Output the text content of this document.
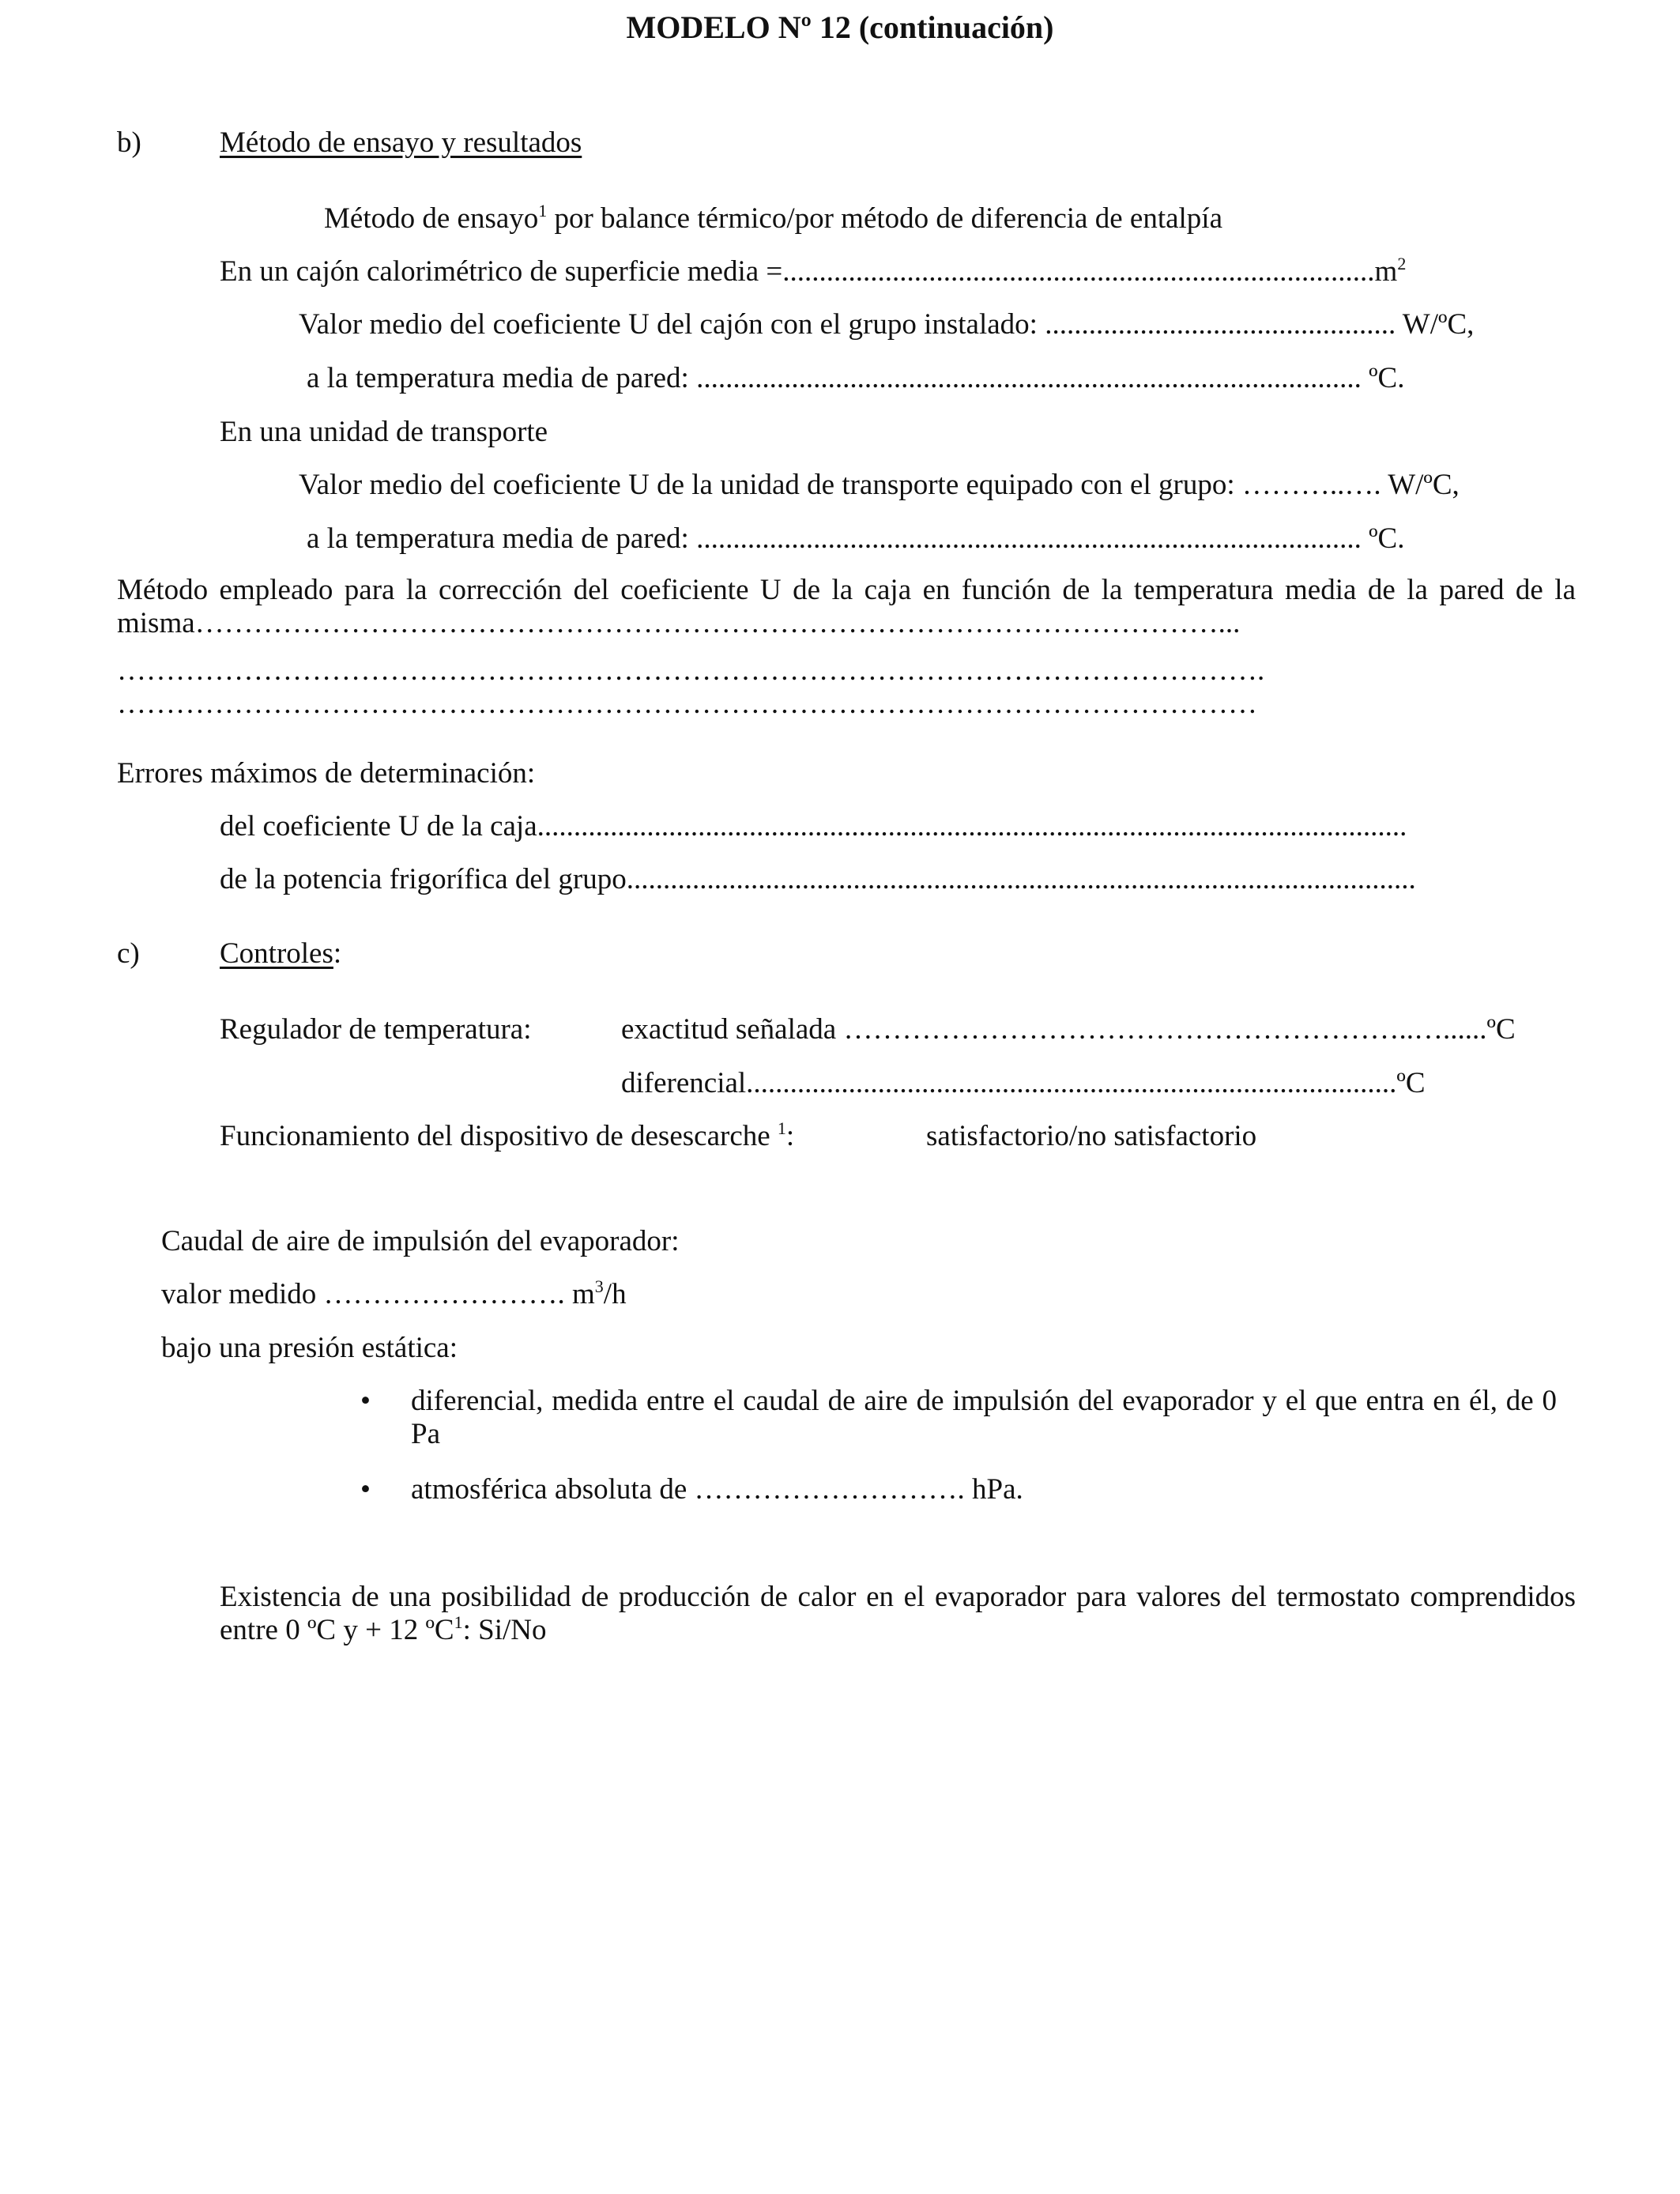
MODELO Nº 12 (continuación)
b)	Método de ensayo y resultados
Método de ensayo$^1$ por balance térmico/por método de diferencia de entalpía
En un cajón calorimétrico de superficie media $=.................................................................................m^2$
Valor medio del coeficiente U del cajón con el grupo instalado: ................................................ W/ºC,
a la temperatura media de pared: ........................................................................................... ºC.
En una unidad de transporte
Valor medio del coeficiente U de la unidad de transporte equipado con el grupo: ………..…. W/ºC,
a la temperatura media de pared: ........................................................................................... ºC.
Método empleado para la corrección del coeficiente U de la caja en función de la temperatura media de la pared de la misma……………………………………………………………………………………………...
……………………………………………………………………………………………………….
………………………………………………………………………………………………………
Errores máximos de determinación:
del coeficiente U de la caja.......................................................................................................................
de la potencia frigorífica del grupo............................................................................................................
c)	Controles:
Regulador de temperatura:	exactitud señalada …………………………………………………..…......ºC
diferencial.........................................................................................ºC
Funcionamiento del dispositivo de desescarche $^1$:	satisfactorio/no satisfactorio
Caudal de aire de impulsión del evaporador:
valor medido ……………………. $m^3/h$
bajo una presión estática:
• diferencial, medida entre el caudal de aire de impulsión del evaporador y el que entra en él, de 0 Pa
• atmosférica absoluta de ………………………. hPa.
Existencia de una posibilidad de producción de calor en el evaporador para valores del termostato comprendidos entre 0 ºC y + 12 ºC$^1$: Si/No
